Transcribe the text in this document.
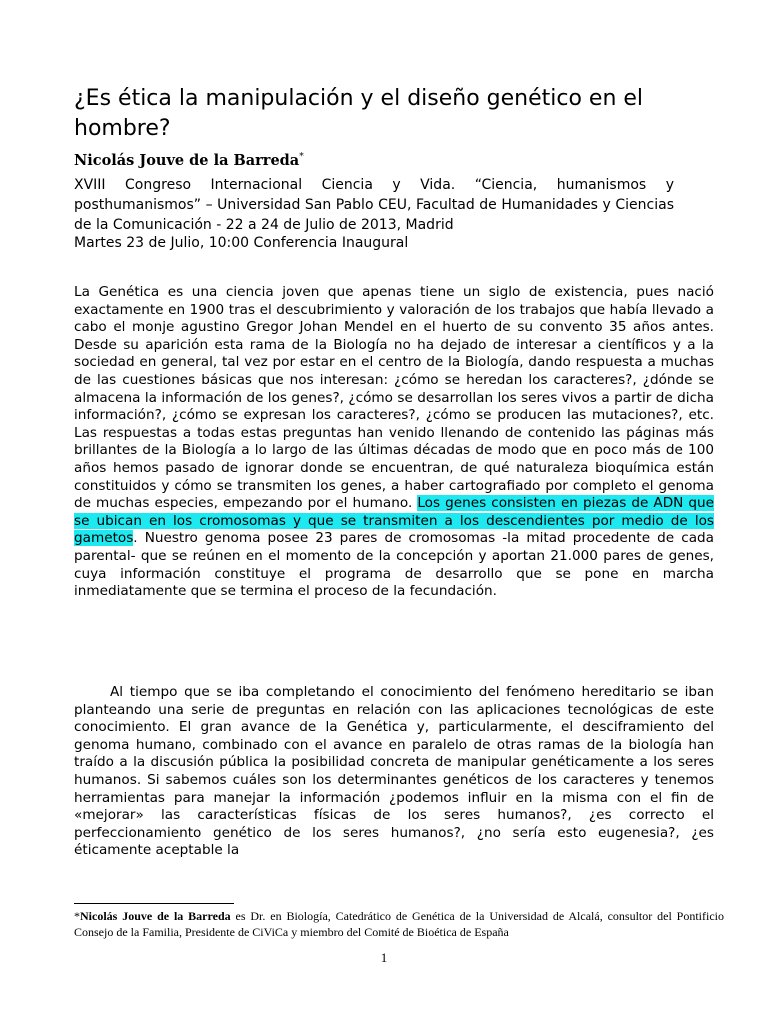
¿Es ética la manipulación y el diseño genético en el hombre?
Nicolás Jouve de la Barreda*
XVIII Congreso Internacional Ciencia y Vida. “Ciencia, humanismos y posthumanismos” – Universidad San Pablo CEU, Facultad de Humanidades y Ciencias de la Comunicación - 22 a 24 de Julio de 2013, Madrid
Martes 23 de Julio, 10:00 Conferencia Inaugural

La Genética es una ciencia joven que apenas tiene un siglo de existencia, pues nació exactamente en 1900 tras el descubrimiento y valoración de los trabajos que había llevado a cabo el monje agustino Gregor Johan Mendel en el huerto de su convento 35 años antes. Desde su aparición esta rama de la Biología no ha dejado de interesar a científicos y a la sociedad en general, tal vez por estar en el centro de la Biología, dando respuesta a muchas de las cuestiones básicas que nos interesan: ¿cómo se heredan los caracteres?, ¿dónde se almacena la información de los genes?, ¿cómo se desarrollan los seres vivos a partir de dicha información?, ¿cómo se expresan los caracteres?, ¿cómo se producen las mutaciones?, etc. Las respuestas a todas estas preguntas han venido llenando de contenido las páginas más brillantes de la Biología a lo largo de las últimas décadas de modo que en poco más de 100 años hemos pasado de ignorar donde se encuentran, de qué naturaleza bioquímica están constituidos y cómo se transmiten los genes, a haber cartografiado por completo el genoma de muchas especies, empezando por el humano. Los genes consisten en piezas de ADN que se ubican en los cromosomas y que se transmiten a los descendientes por medio de los gametos. Nuestro genoma posee 23 pares de cromosomas -la mitad procedente de cada parental- que se reúnen en el momento de la concepción y aportan 21.000 pares de genes, cuya información constituye el programa de desarrollo que se pone en marcha inmediatamente que se termina el proceso de la fecundación.

Al tiempo que se iba completando el conocimiento del fenómeno hereditario se iban planteando una serie de preguntas en relación con las aplicaciones tecnológicas de este conocimiento. El gran avance de la Genética y, particularmente, el desciframiento del genoma humano, combinado con el avance en paralelo de otras ramas de la biología han traído a la discusión pública la posibilidad concreta de manipular genéticamente a los seres humanos. Si sabemos cuáles son los determinantes genéticos de los caracteres y tenemos herramientas para manejar la información ¿podemos influir en la misma con el fin de «mejorar» las características físicas de los seres humanos?, ¿es correcto el perfeccionamiento genético de los seres humanos?, ¿no sería esto eugenesia?, ¿es éticamente aceptable la

*Nicolás Jouve de la Barreda es Dr. en Biología, Catedrático de Genética de la Universidad de Alcalá, consultor del Pontificio Consejo de la Familia, Presidente de CiViCa y miembro del Comité de Bioética de España
1
